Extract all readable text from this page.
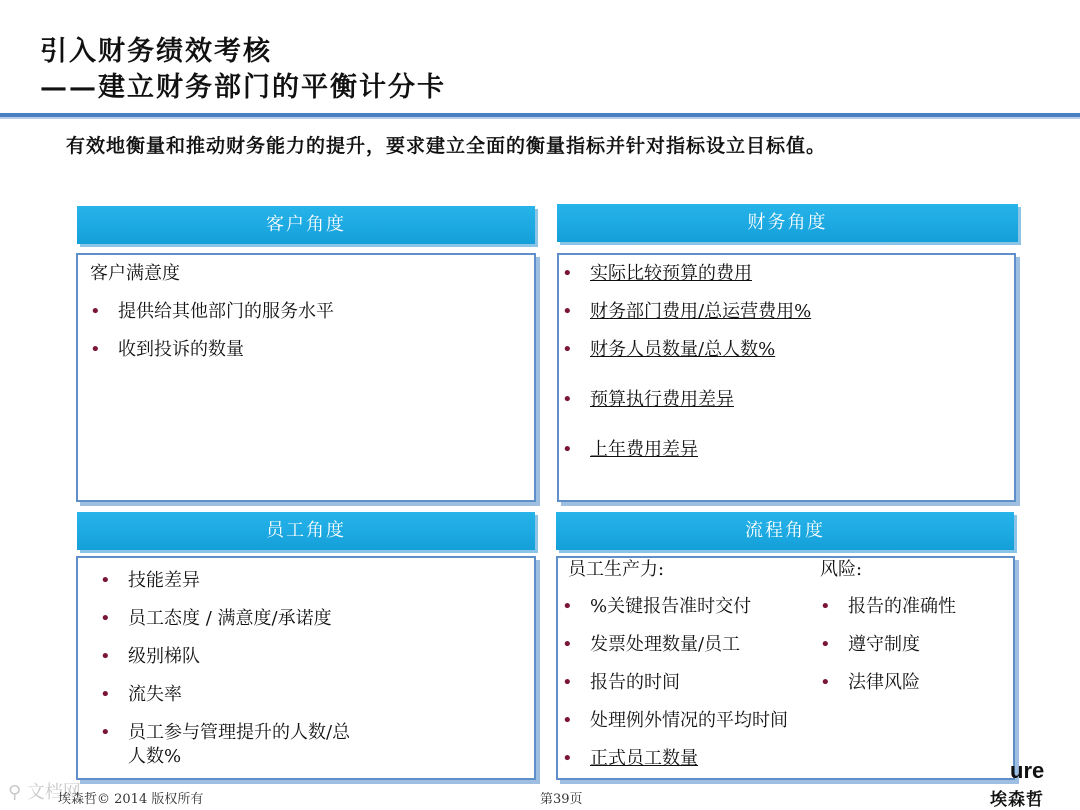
引入财务绩效考核
——建立财务部门的平衡计分卡
有效地衡量和推动财务能力的提升，要求建立全面的衡量指标并针对指标设立目标值。
客户角度
客户满意度
• 提供给其他部门的服务水平
• 收到投诉的数量
财务角度
• 实际比较预算的费用
• 财务部门费用/总运营费用%
• 财务人员数量/总人数%
• 预算执行费用差异
• 上年费用差异
员工角度
• 技能差异
• 员工态度 / 满意度/承诺度
• 级别梯队
• 流失率
• 员工参与管理提升的人数/总
人数%
流程角度
员工生产力:	风险:
• %关键报告准时交付
• 发票处理数量/员工
• 报告的时间
• 处理例外情况的平均时间
• 正式员工数量
• 报告的准确性
• 遵守制度
• 法律风险
⚲ 文档网
埃森哲© 2014 版权所有	第39页
ure
埃森哲
